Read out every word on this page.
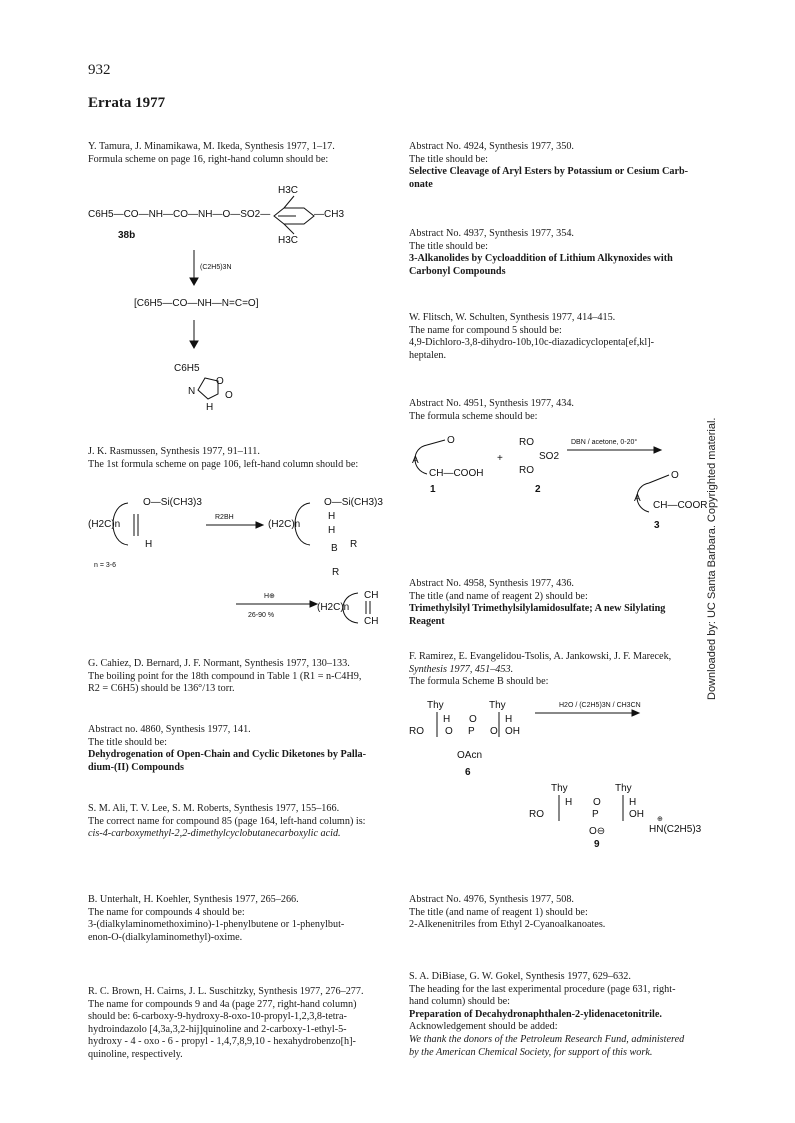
932
Errata 1977
Downloaded by: UC Santa Barbara. Copyrighted material.

Y. Tamura, J. Minamikawa, M. Ikeda, Synthesis 1977, 1–17.

Formula scheme on page 16, right-hand column should be:

H3C
C6H5—CO—NH—CO—NH—O—SO2—	—CH3
H3C
38b
(C2H5)3N
[C6H5—CO—NH—N=C=O]
C6H5
O
N	O
H

J. K. Rasmussen, Synthesis 1977, 91–111.

The 1st formula scheme on page 106, left-hand column should be:

O—Si(CH3)3
(H2C)n
H
n = 3-6
R2BH
O—Si(CH3)3
(H2C)n
H
H
B R
R
H⊕
26-90 %
(H2C)n
CH
CH

G. Cahiez, D. Bernard, J. F. Normant, Synthesis 1977, 130–133.

The boiling point for the 18th compound in Table 1 (R1 = n-C4H9,

R2 = C6H5) should be 136°/13 torr.

Abstract no. 4860, Synthesis 1977, 141.

The title should be:

Dehydrogenation of Open-Chain and Cyclic Diketones by Palla-

dium-(II) Compounds

S. M. Ali, T. V. Lee, S. M. Roberts, Synthesis 1977, 155–166.

The correct name for compound 85 (page 164, left-hand column) is:

cis-4-carboxymethyl-2,2-dimethylcyclobutanecarboxylic acid.

B. Unterhalt, H. Koehler, Synthesis 1977, 265–266.

The name for compounds 4 should be:

3-(dialkylaminomethoximino)-1-phenylbutene or 1-phenylbut-

enon-O-(dialkylaminomethyl)-oxime.

R. C. Brown, H. Cairns, J. L. Suschitzky, Synthesis 1977, 276–277.

The name for compounds 9 and 4a (page 277, right-hand column)

should be: 6-carboxy-9-hydroxy-8-oxo-10-propyl-1,2,3,8-tetra-

hydroindazolo [4,3a,3,2-hij]quinoline and 2-carboxy-1-ethyl-5-

hydroxy - 4 - oxo - 6 - propyl - 1,4,7,8,9,10 - hexahydrobenzo[h]-

quinoline, respectively.

Abstract No. 4924, Synthesis 1977, 350.

The title should be:

Selective Cleavage of Aryl Esters by Potassium or Cesium Carb-

onate

Abstract No. 4937, Synthesis 1977, 354.

The title should be:

3-Alkanolides by Cycloaddition of Lithium Alkynoxides with

Carbonyl Compounds

W. Flitsch, W. Schulten, Synthesis 1977, 414–415.

The name for compound 5 should be:

4,9-Dichloro-3,8-dihydro-10b,10c-diazadicyclopenta[ef,kl]-

heptalen.

Abstract No. 4951, Synthesis 1977, 434.

The formula scheme should be:

O
A
CH—COOH
+
RO
SO2
RO
DBN / acetone, 0-20°
O
A
CH—COOR
1	2
3

Abstract No. 4958, Synthesis 1977, 436.

The title (and name of reagent 2) should be:

Trimethylsilyl Trimethylsilylamidosulfate; A new Silylating

Reagent

F. Ramirez, E. Evangelidou-Tsolis, A. Jankowski, J. F. Marecek,

Synthesis 1977, 451–453.

The formula Scheme B should be:

Thy	Thy
H	H
O
RO O P O OH
OAcn
6
H2O / (C2H5)3N / CH3CN
Thy	Thy
H	H
O
RO	P	OH
O⊖
⊕
HN(C2H5)3
9

Abstract No. 4976, Synthesis 1977, 508.

The title (and name of reagent 1) should be:

2-Alkenenitriles from Ethyl 2-Cyanoalkanoates.

S. A. DiBiase, G. W. Gokel, Synthesis 1977, 629–632.

The heading for the last experimental procedure (page 631, right-

hand column) should be:

Preparation of Decahydronaphthalen-2-ylidenacetonitrile.

Acknowledgement should be added:

We thank the donors of the Petroleum Research Fund, administered

by the American Chemical Society, for support of this work.
